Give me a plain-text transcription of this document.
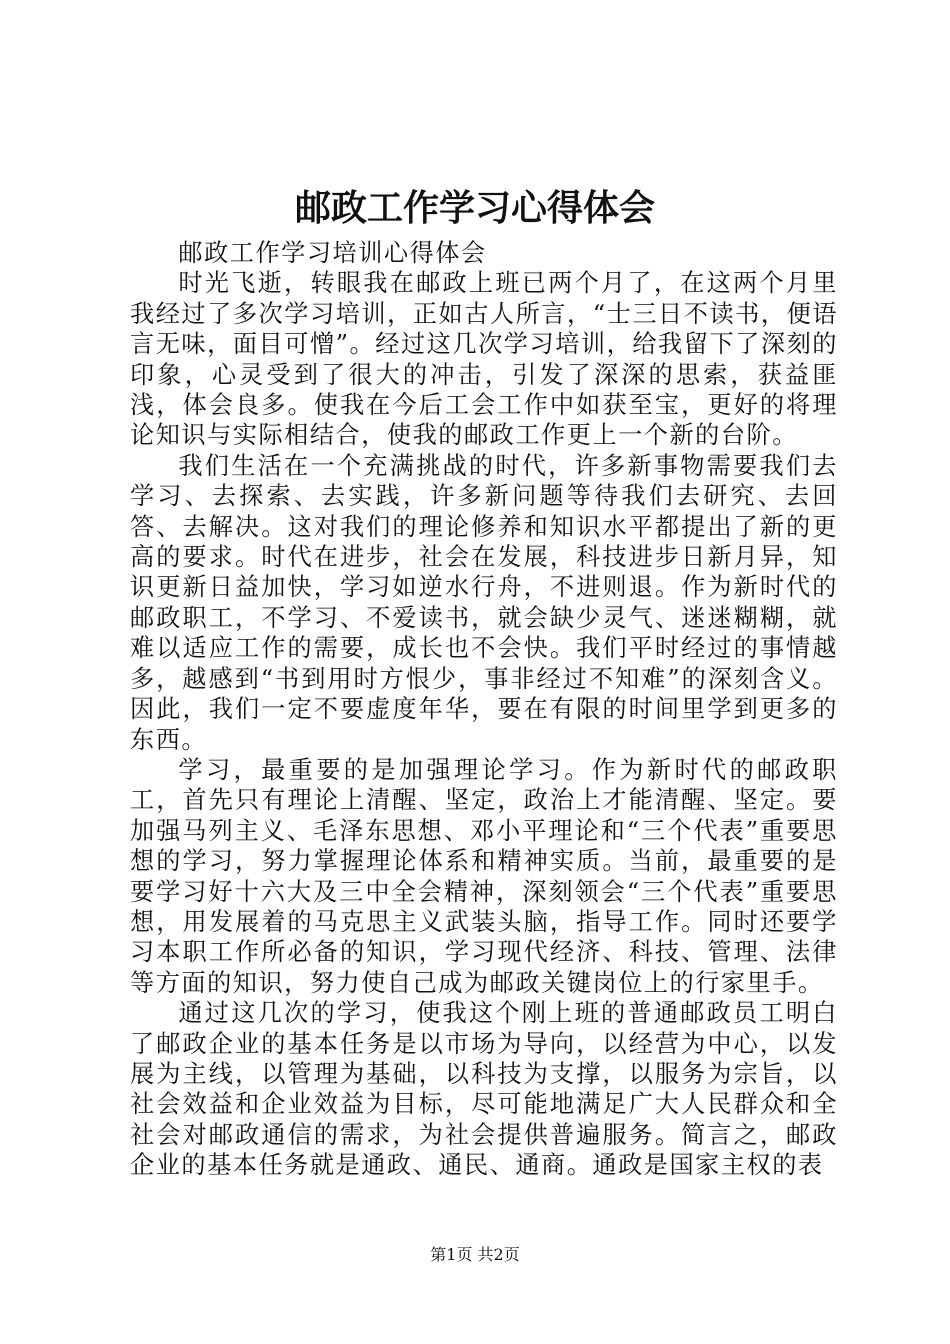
邮政工作学习心得体会

邮政工作学习培训心得体会

时光飞逝，转眼我在邮政上班已两个月了，在这两个月里我经过了多次学习培训，正如古人所言，“士三日不读书，便语言无味，面目可憎”。经过这几次学习培训，给我留下了深刻的印象，心灵受到了很大的冲击，引发了深深的思索，获益匪浅，体会良多。使我在今后工会工作中如获至宝，更好的将理论知识与实际相结合，使我的邮政工作更上一个新的台阶。

我们生活在一个充满挑战的时代，许多新事物需要我们去学习、去探索、去实践，许多新问题等待我们去研究、去回答、去解决。这对我们的理论修养和知识水平都提出了新的更高的要求。时代在进步，社会在发展，科技进步日新月异，知识更新日益加快，学习如逆水行舟，不进则退。作为新时代的邮政职工，不学习、不爱读书，就会缺少灵气、迷迷糊糊，就难以适应工作的需要，成长也不会快。我们平时经过的事情越多，越感到“书到用时方恨少，事非经过不知难”的深刻含义。因此，我们一定不要虚度年华，要在有限的时间里学到更多的东西。

学习，最重要的是加强理论学习。作为新时代的邮政职工，首先只有理论上清醒、坚定，政治上才能清醒、坚定。要加强马列主义、毛泽东思想、邓小平理论和“三个代表”重要思想的学习，努力掌握理论体系和精神实质。当前，最重要的是要学习好十六大及三中全会精神，深刻领会“三个代表”重要思想，用发展着的马克思主义武装头脑，指导工作。同时还要学习本职工作所必备的知识，学习现代经济、科技、管理、法律等方面的知识，努力使自己成为邮政关键岗位上的行家里手。

通过这几次的学习，使我这个刚上班的普通邮政员工明白了邮政企业的基本任务是以市场为导向，以经营为中心，以发展为主线，以管理为基础，以科技为支撑，以服务为宗旨，以社会效益和企业效益为目标，尽可能地满足广大人民群众和全社会对邮政通信的需求，为社会提供普遍服务。简言之，邮政企业的基本任务就是通政、通民、通商。通政是国家主权的表

第1页 共2页
